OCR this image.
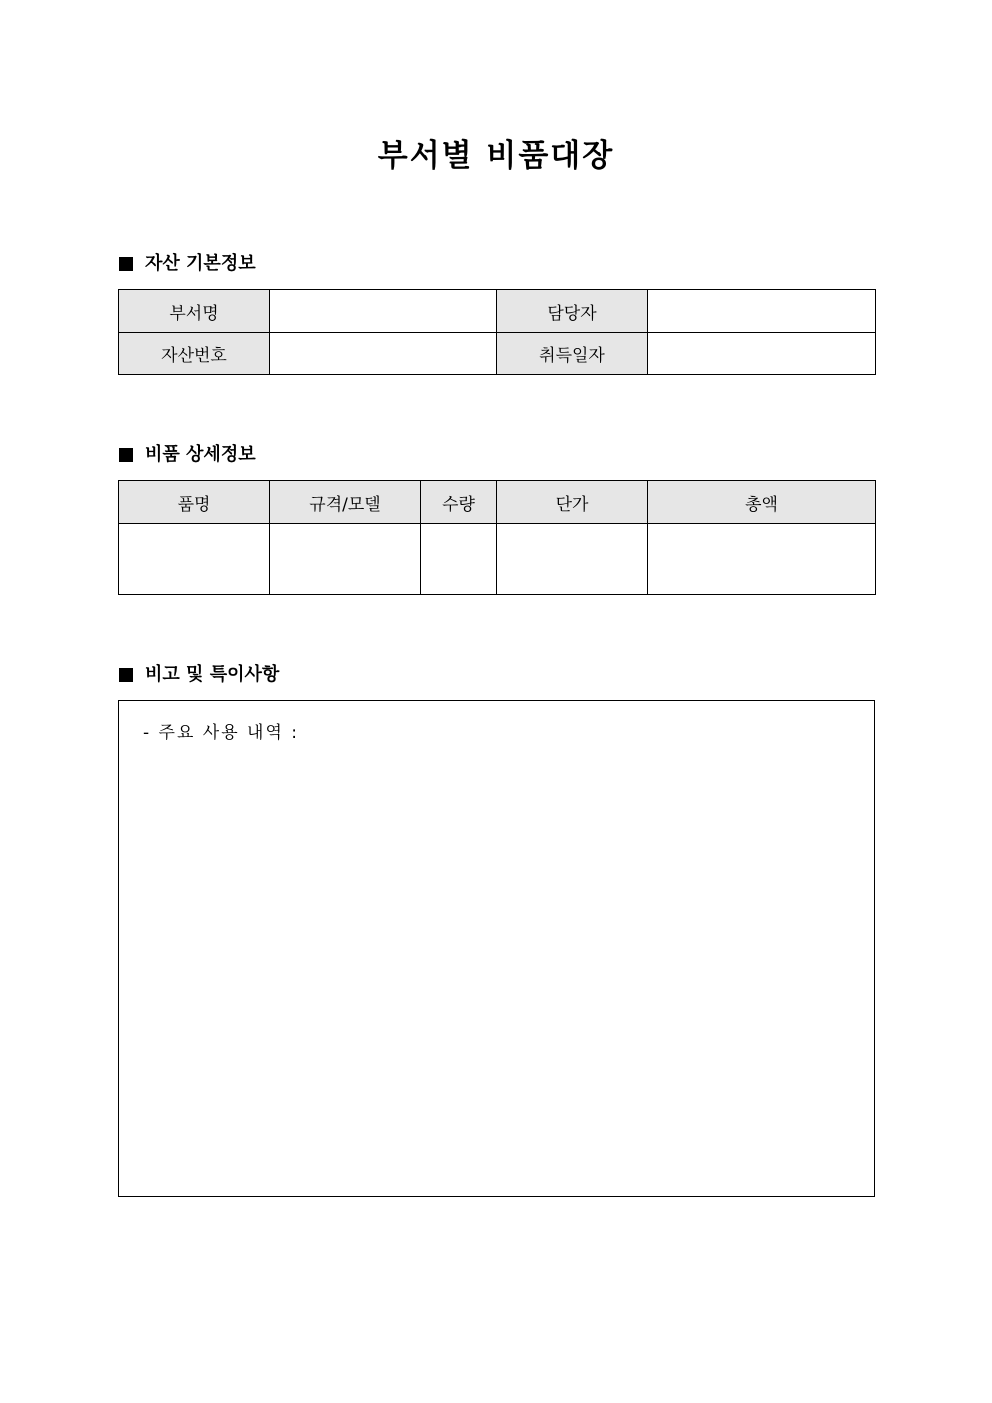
부서별 비품대장
자산 기본정보
부서명		담당자	
자산번호		취득일자	
비품 상세정보
품명	규격/모델	수량	단가	총액

비고 및 특이사항
- 주요 사용 내역 :
